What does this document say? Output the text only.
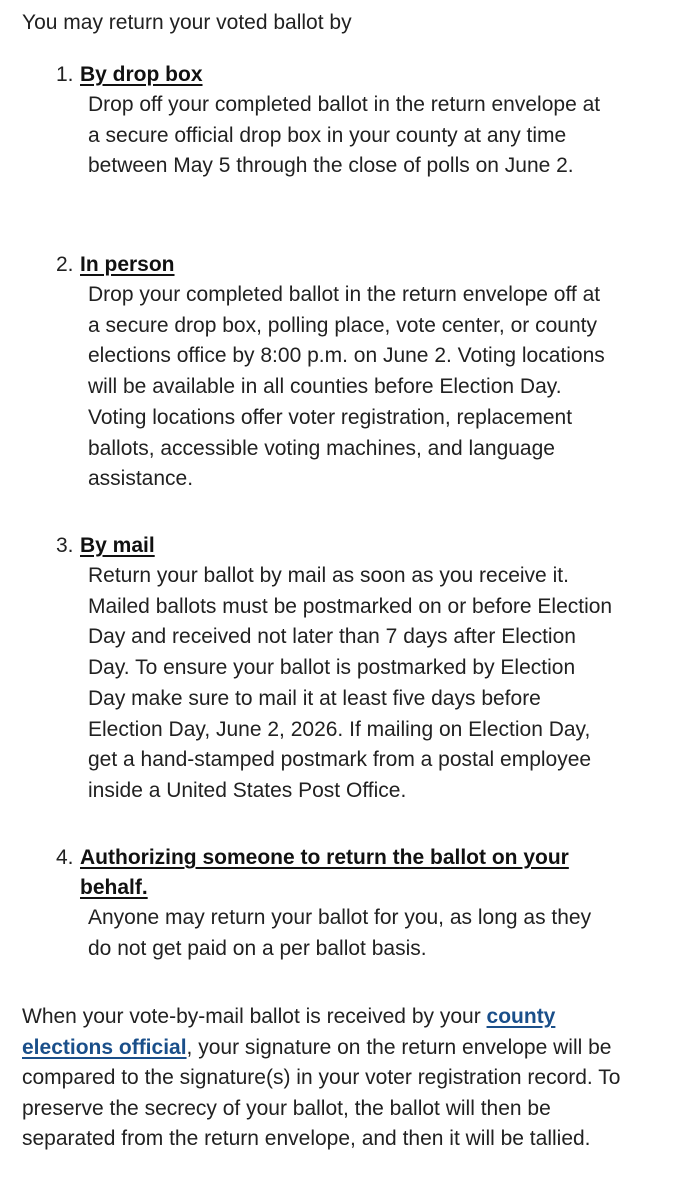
You may return your voted ballot by

1. By drop box

Drop off your completed ballot in the return envelope at a secure official drop box in your county at any time between May 5 through the close of polls on June 2.

2. In person

Drop your completed ballot in the return envelope off at a secure drop box, polling place, vote center, or county elections office by 8:00 p.m. on June 2. Voting locations will be available in all counties before Election Day. Voting locations offer voter registration, replacement ballots, accessible voting machines, and language assistance.

3. By mail

Return your ballot by mail as soon as you receive it. Mailed ballots must be postmarked on or before Election Day and received not later than 7 days after Election Day. To ensure your ballot is postmarked by Election Day make sure to mail it at least five days before Election Day, June 2, 2026. If mailing on Election Day, get a hand-stamped postmark from a postal employee inside a United States Post Office.

4. Authorizing someone to return the ballot on your behalf.

Anyone may return your ballot for you, as long as they do not get paid on a per ballot basis.

When your vote-by-mail ballot is received by your county elections official, your signature on the return envelope will be compared to the signature(s) in your voter registration record. To preserve the secrecy of your ballot, the ballot will then be separated from the return envelope, and then it will be tallied.
